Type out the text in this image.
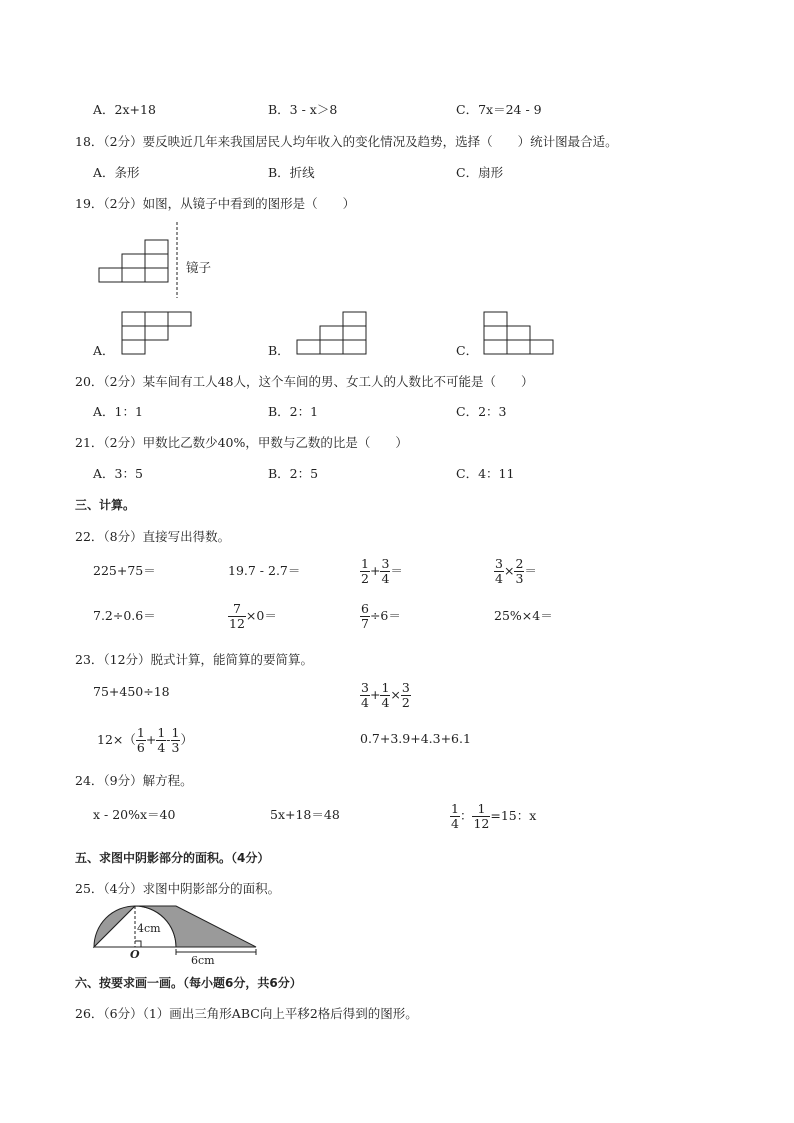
A．2x+18	B．3 - x＞8	C．7x＝24 - 9
18．（2分）要反映近几年来我国居民人均年收入的变化情况及趋势，选择（　　）统计图最合适。
A．条形	B．折线	C．扇形
19．（2分）如图，从镜子中看到的图形是（　　）
镜子
A．	B．	C．
20．（2分）某车间有工人48人，这个车间的男、女工人的人数比不可能是（　　）
A．1：1	B．2：1	C．2：3
21．（2分）甲数比乙数少40%，甲数与乙数的比是（　　）
A．3：5	B．2：5	C．4：11
三、计算。
22．（8分）直接写出得数。
225+75＝	19.7 - 2.7＝	$\frac{1}{2} + \frac{3}{4}$ ＝	$\frac{3}{4} \times \frac{2}{3}$ ＝
7.2÷0.6＝	$\frac{7}{12} \times 0=$	$\frac{6}{7} \div 6=$	25%×4＝
23．（12分）脱式计算，能简算的要简算。
75+450÷18	$\frac{3}{4} + \frac{1}{4} \times \frac{3}{2}$
$12\times( \frac{1}{6} + \frac{1}{4} - \frac{1}{3}$ ）	0.7+3.9+4.3+6.1
24．（9分）解方程。
x - 20%x＝40	5x+18＝48	$\frac{1}{4}$ ： $\frac{1}{12} =15$：x
五、求图中阴影部分的面积。（4分）
25．（4分）求图中阴影部分的面积。
4cm
O	6cm
六、按要求画一画。（每小题6分，共6分）
26．（6分）（1）画出三角形ABC向上平移2格后得到的图形。
